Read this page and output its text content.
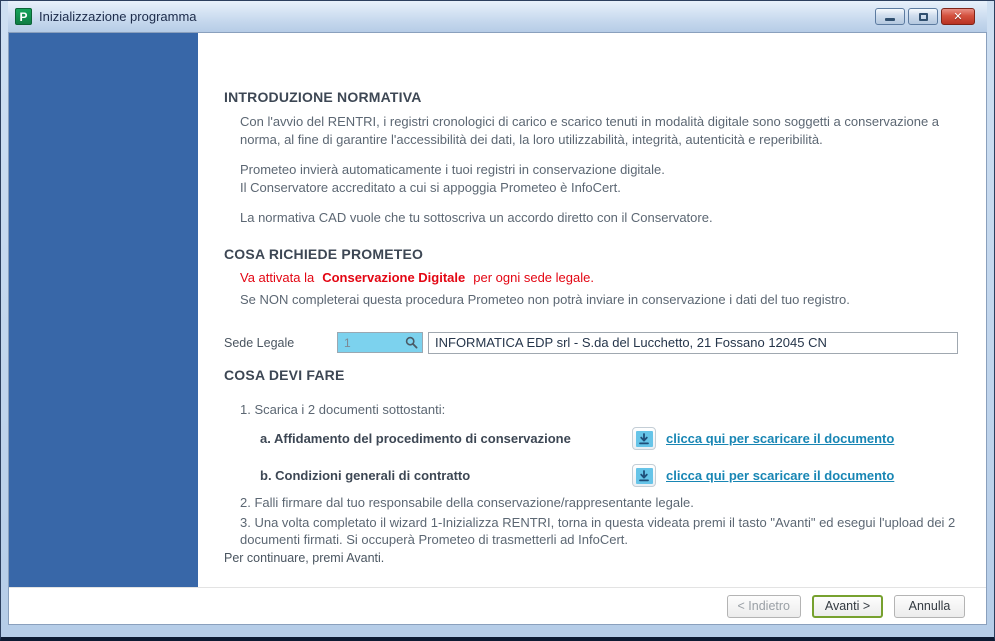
P Inizializzazione programma	✕
INTRODUZIONE NORMATIVA

Con l'avvio del RENTRI, i registri cronologici di carico e scarico tenuti in modalità digitale sono soggetti a conservazione a norma, al fine di garantire l'accessibilità dei dati, la loro utilizzabilità, integrità, autenticità e reperibilità.

Prometeo invierà automaticamente i tuoi registri in conservazione digitale.

Il Conservatore accreditato a cui si appoggia Prometeo è InfoCert.

La normativa CAD vuole che tu sottoscriva un accordo diretto con il Conservatore.

COSA RICHIEDE PROMETEO
Va attivata la Conservazione Digitale per ogni sede legale.

Se NON completerai questa procedura Prometeo non potrà inviare in conservazione i dati del tuo registro.

Sede Legale
1
INFORMATICA EDP srl - S.da del Lucchetto, 21 Fossano 12045 CN
COSA DEVI FARE

1. Scarica i 2 documenti sottostanti:

a. Affidamento del procedimento di conservazione	clicca qui per scaricare il documento
b. Condizioni generali di contratto	clicca qui per scaricare il documento

2. Falli firmare dal tuo responsabile della conservazione/rappresentante legale.

3. Una volta completato il wizard 1-Inizializza RENTRI, torna in questa videata premi il tasto "Avanti" ed esegui l'upload dei 2 documenti firmati. Si occuperà Prometeo di trasmetterli ad InfoCert.

Per continuare, premi Avanti.
< Indietro	Avanti >	Annulla
